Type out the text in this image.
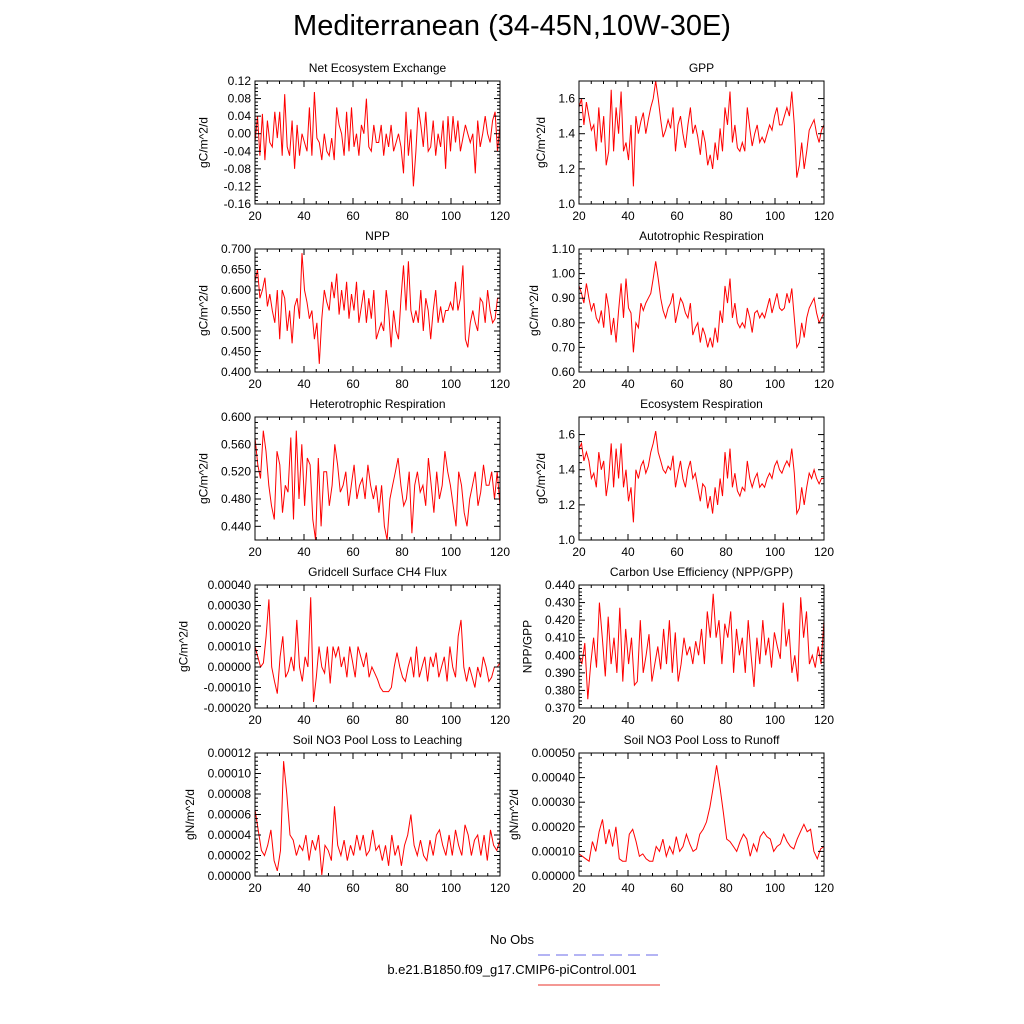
Mediterranean (34-45N,10W-30E)
20	40	60	80	100 120
-0.16
-0.12
-0.08
-0.04
0.00
0.04
0.08
0.12
Net Ecosystem Exchange
gC/m^2/d
20	40	60	80	100 120
1.0
1.2
1.4
1.6
GPP
gC/m^2/d
20	40	60	80	100 120
0.400
0.450
0.500
0.550
0.600
0.650
0.700
NPP
gC/m^2/d
20	40	60	80	100 120
0.60
0.70
0.80
0.90
1.00
1.10
Autotrophic Respiration
gC/m^2/d
20	40	60	80	100 120
0.440
0.480
0.520
0.560
0.600
Heterotrophic Respiration
gC/m^2/d
20	40	60	80	100 120
1.0
1.2
1.4
1.6
Ecosystem Respiration
gC/m^2/d
20	40	60	80	100 120
-0.00020
-0.00010
0.00000
0.00010
0.00020
0.00030
0.00040
Gridcell Surface CH4 Flux
gC/m^2/d
20	40	60	80	100 120
0.370
0.380
0.390
0.400
0.410
0.420
0.430
0.440
Carbon Use Efficiency (NPP/GPP)
NPP/GPP
20	40	60	80	100 120
0.00000
0.00002
0.00004
0.00006
0.00008
0.00010
0.00012
Soil NO3 Pool Loss to Leaching
gN/m^2/d
20	40	60	80	100 120
0.00000
0.00010
0.00020
0.00030
0.00040
0.00050
Soil NO3 Pool Loss to Runoff
gN/m^2/d
No Obs
b.e21.B1850.f09_g17.CMIP6-piControl.001
